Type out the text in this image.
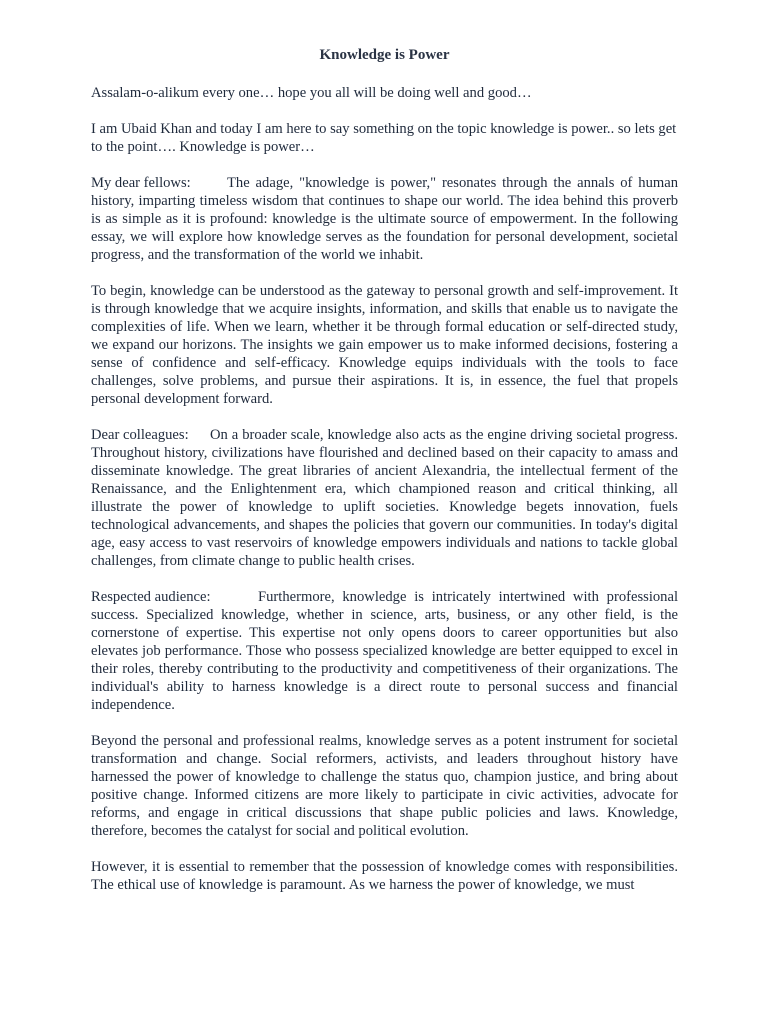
Knowledge is Power

Assalam-o-alikum every one… hope you all will be doing well and good…

I am Ubaid Khan and today I am here to say something on the topic knowledge is power.. so lets get to the point…. Knowledge is power…

My dear fellows: The adage, "knowledge is power," resonates through the annals of human history, imparting timeless wisdom that continues to shape our world. The idea behind this proverb is as simple as it is profound: knowledge is the ultimate source of empowerment. In the following essay, we will explore how knowledge serves as the foundation for personal development, societal progress, and the transformation of the world we inhabit.

To begin, knowledge can be understood as the gateway to personal growth and self-improvement. It is through knowledge that we acquire insights, information, and skills that enable us to navigate the complexities of life. When we learn, whether it be through formal education or self-directed study, we expand our horizons. The insights we gain empower us to make informed decisions, fostering a sense of confidence and self-efficacy. Knowledge equips individuals with the tools to face challenges, solve problems, and pursue their aspirations. It is, in essence, the fuel that propels personal development forward.

Dear colleagues: On a broader scale, knowledge also acts as the engine driving societal progress. Throughout history, civilizations have flourished and declined based on their capacity to amass and disseminate knowledge. The great libraries of ancient Alexandria, the intellectual ferment of the Renaissance, and the Enlightenment era, which championed reason and critical thinking, all illustrate the power of knowledge to uplift societies. Knowledge begets innovation, fuels technological advancements, and shapes the policies that govern our communities. In today's digital age, easy access to vast reservoirs of knowledge empowers individuals and nations to tackle global challenges, from climate change to public health crises.

Respected audience:	Furthermore, knowledge is intricately intertwined with professional success. Specialized knowledge, whether in science, arts, business, or any other field, is the cornerstone of expertise. This expertise not only opens doors to career opportunities but also elevates job performance. Those who possess specialized knowledge are better equipped to excel in their roles, thereby contributing to the productivity and competitiveness of their organizations. The individual's ability to harness knowledge is a direct route to personal success and financial independence.

Beyond the personal and professional realms, knowledge serves as a potent instrument for societal transformation and change. Social reformers, activists, and leaders throughout history have harnessed the power of knowledge to challenge the status quo, champion justice, and bring about positive change. Informed citizens are more likely to participate in civic activities, advocate for reforms, and engage in critical discussions that shape public policies and laws. Knowledge, therefore, becomes the catalyst for social and political evolution.

However, it is essential to remember that the possession of knowledge comes with responsibilities. The ethical use of knowledge is paramount. As we harness the power of knowledge, we must
